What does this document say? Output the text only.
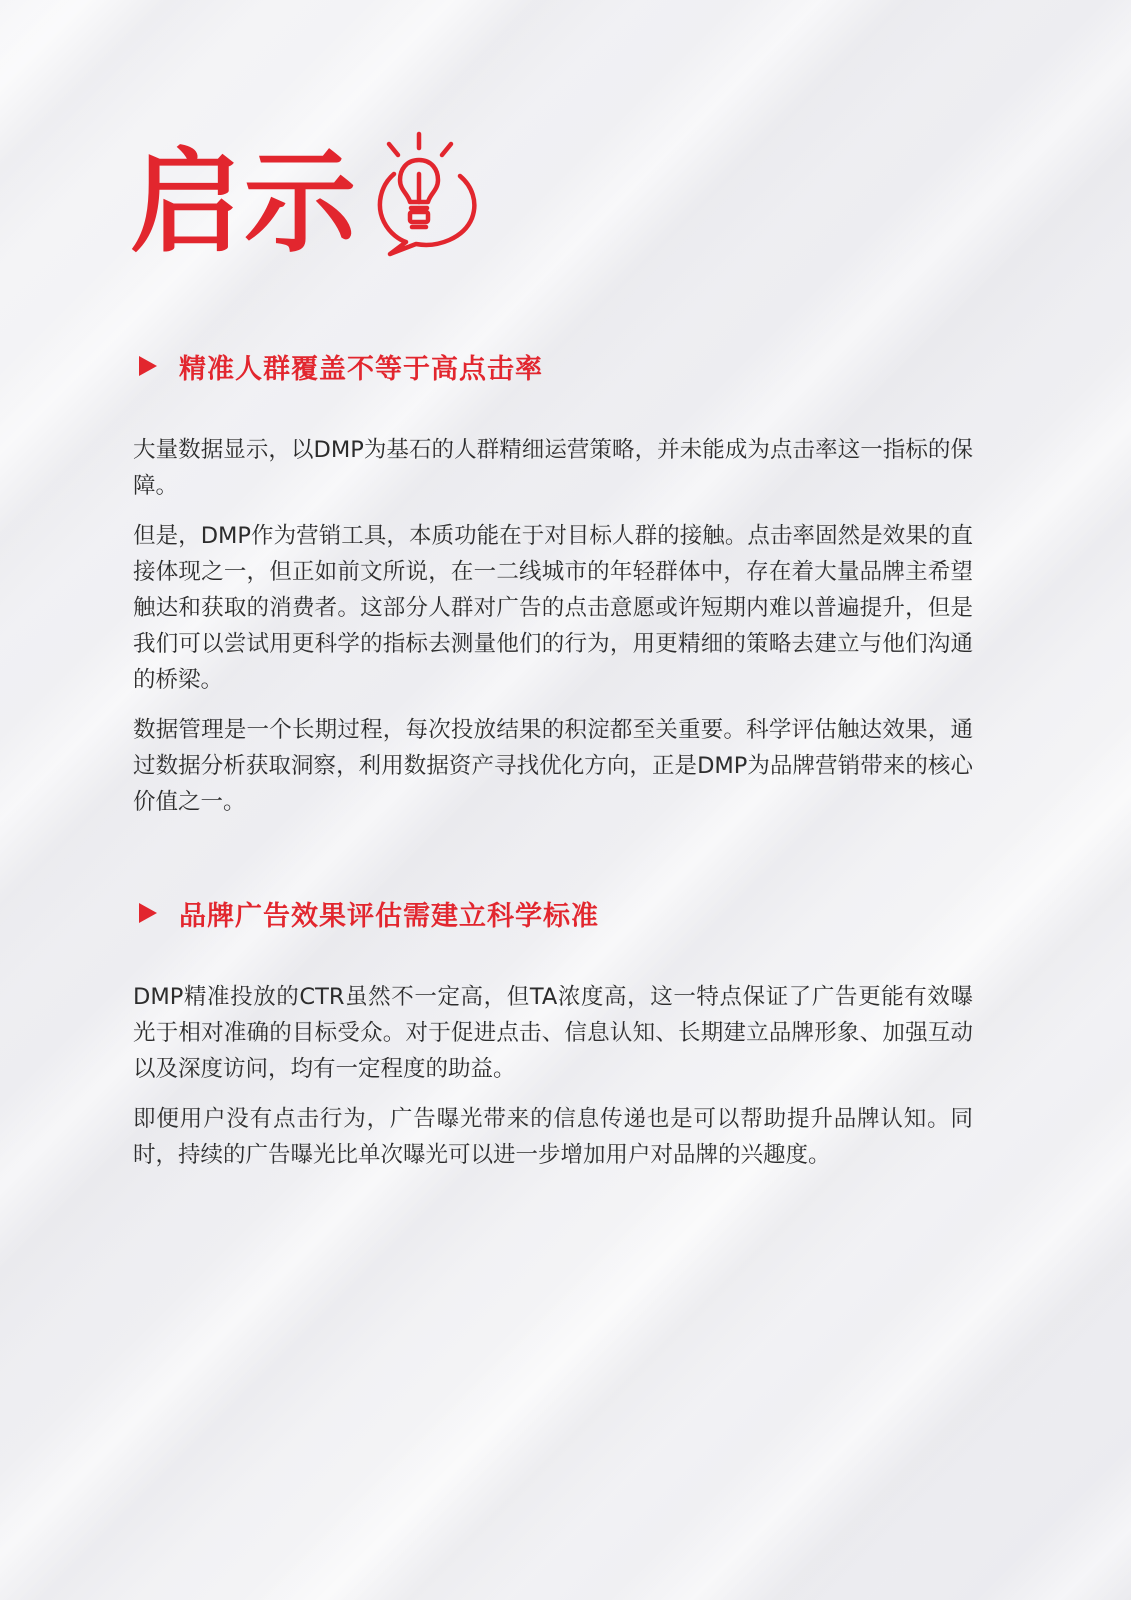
启示
精准人群覆盖不等于高点击率

大量数据显示，以DMP为基石的人群精细运营策略，并未能成为点击率这一指标的保障。

但是，DMP作为营销工具，本质功能在于对目标人群的接触。点击率固然是效果的直接体现之一，但正如前文所说，在一二线城市的年轻群体中，存在着大量品牌主希望触达和获取的消费者。这部分人群对广告的点击意愿或许短期内难以普遍提升，但是我们可以尝试用更科学的指标去测量他们的行为，用更精细的策略去建立与他们沟通的桥梁。

数据管理是一个长期过程，每次投放结果的积淀都至关重要。科学评估触达效果，通过数据分析获取洞察，利用数据资产寻找优化方向，正是DMP为品牌营销带来的核心价值之一。

品牌广告效果评估需建立科学标准

DMP精准投放的CTR虽然不一定高，但TA浓度高，这一特点保证了广告更能有效曝光于相对准确的目标受众。对于促进点击、信息认知、长期建立品牌形象、加强互动以及深度访问，均有一定程度的助益。

即便用户没有点击行为，广告曝光带来的信息传递也是可以帮助提升品牌认知。同时，持续的广告曝光比单次曝光可以进一步增加用户对品牌的兴趣度。
